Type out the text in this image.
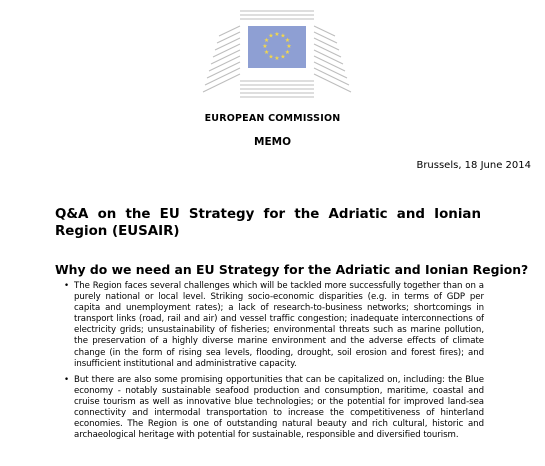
★ ★
★
★
★
★
★
★
★
★
★
★
EUROPEAN COMMISSION
MEMO
Brussels, 18 June 2014
Q&A on the EU Strategy for the Adriatic and Ionian Region (EUSAIR)
Why do we need an EU Strategy for the Adriatic and Ionian Region?
• The Region faces several challenges which will be tackled more successfully together than on a purely national or local level. Striking socio-economic disparities (e.g. in terms of GDP per capita and unemployment rates); a lack of research-to-business networks; shortcomings in transport links (road, rail and air) and vessel traffic congestion; inadequate interconnections of electricity grids; unsustainability of fisheries; environmental threats such as marine pollution, the preservation of a highly diverse marine environment and the adverse effects of climate change (in the form of rising sea levels, flooding, drought, soil erosion and forest fires); and insufficient institutional and administrative capacity.
• But there are also some promising opportunities that can be capitalized on, including: the Blue economy - notably sustainable seafood production and consumption, maritime, coastal and cruise tourism as well as innovative blue technologies; or the potential for improved land-sea connectivity and intermodal transportation to increase the competitiveness of hinterland economies. The Region is one of outstanding natural beauty and rich cultural, historic and archaeological heritage with potential for sustainable, responsible and diversified tourism.
